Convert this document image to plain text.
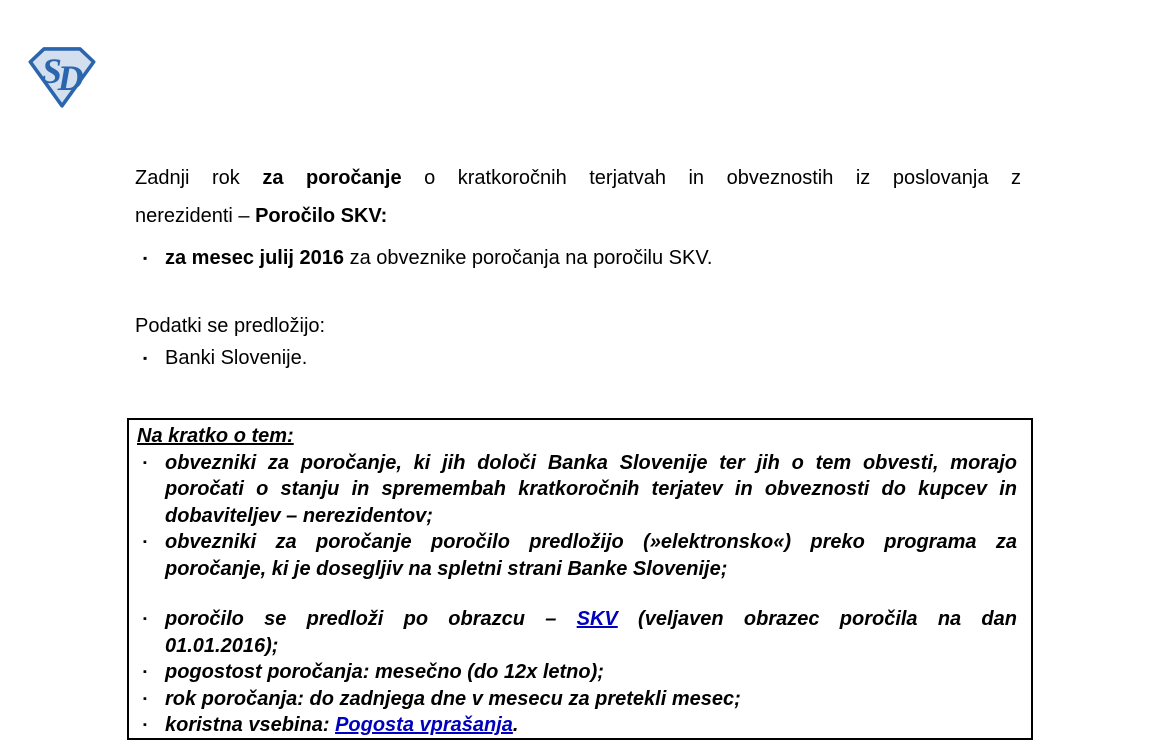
S
D
Zadnji rok za poročanje o kratkoročnih terjatvah in obveznostih iz poslovanja z
nerezidenti – Poročilo SKV:
▪ za mesec julij 2016 za obveznike poročanja na poročilu SKV.
Podatki se predložijo:
▪ Banki Slovenije.
Na kratko o tem:
▪ obvezniki za poročanje, ki jih določi Banka Slovenije ter jih o tem obvesti, morajo
poročati o stanju in spremembah kratkoročnih terjatev in obveznosti do kupcev in
dobaviteljev – nerezidentov;
▪ obvezniki za poročanje poročilo predložijo (»elektronsko«) preko programa za
poročanje, ki je dosegljiv na spletni strani Banke Slovenije;
▪ poročilo se predloži po obrazcu – SKV (veljaven obrazec poročila na dan
01.01.2016);
▪ pogostost poročanja: mesečno (do 12x letno);
▪ rok poročanja: do zadnjega dne v mesecu za pretekli mesec;
▪ koristna vsebina: Pogosta vprašanja.
